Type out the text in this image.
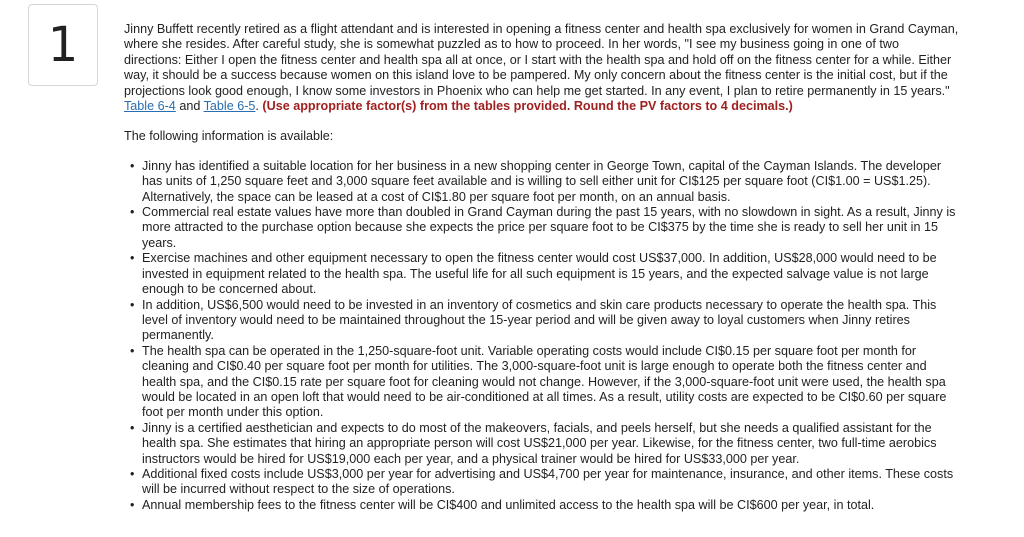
1	Jinny Buffett recently retired as a flight attendant and is interested in opening a fitness center and health spa exclusively for women in Grand Cayman, where she resides. After careful study, she is somewhat puzzled as to how to proceed. In her words, "I see my business going in one of two directions: Either I open the fitness center and health spa all at once, or I start with the health spa and hold off on the fitness center for a while. Either way, it should be a success because women on this island love to be pampered. My only concern about the fitness center is the initial cost, but if the projections look good enough, I know some investors in Phoenix who can help me get started. In any event, I plan to retire permanently in 15 years." Table 6-4 and Table 6-5. (Use appropriate factor(s) from the tables provided. Round the PV factors to 4 decimals.)

The following information is available:

• Jinny has identified a suitable location for her business in a new shopping center in George Town, capital of the Cayman Islands. The developer has units of 1,250 square feet and 3,000 square feet available and is willing to sell either unit for CI$125 per square foot (CI$1.00 = US$1.25). Alternatively, the space can be leased at a cost of CI$1.80 per square foot per month, on an annual basis.
• Commercial real estate values have more than doubled in Grand Cayman during the past 15 years, with no slowdown in sight. As a result, Jinny is more attracted to the purchase option because she expects the price per square foot to be CI$375 by the time she is ready to sell her unit in 15 years.
• Exercise machines and other equipment necessary to open the fitness center would cost US$37,000. In addition, US$28,000 would need to be invested in equipment related to the health spa. The useful life for all such equipment is 15 years, and the expected salvage value is not large enough to be concerned about.
• In addition, US$6,500 would need to be invested in an inventory of cosmetics and skin care products necessary to operate the health spa. This level of inventory would need to be maintained throughout the 15-year period and will be given away to loyal customers when Jinny retires permanently.
• The health spa can be operated in the 1,250-square-foot unit. Variable operating costs would include CI$0.15 per square foot per month for cleaning and CI$0.40 per square foot per month for utilities. The 3,000-square-foot unit is large enough to operate both the fitness center and health spa, and the CI$0.15 rate per square foot for cleaning would not change. However, if the 3,000-square-foot unit were used, the health spa would be located in an open loft that would need to be air-conditioned at all times. As a result, utility costs are expected to be CI$0.60 per square foot per month under this option.
• Jinny is a certified aesthetician and expects to do most of the makeovers, facials, and peels herself, but she needs a qualified assistant for the health spa. She estimates that hiring an appropriate person will cost US$21,000 per year. Likewise, for the fitness center, two full-time aerobics instructors would be hired for US$19,000 each per year, and a physical trainer would be hired for US$33,000 per year.
• Additional fixed costs include US$3,000 per year for advertising and US$4,700 per year for maintenance, insurance, and other items. These costs will be incurred without respect to the size of operations.
• Annual membership fees to the fitness center will be CI$400 and unlimited access to the health spa will be CI$600 per year, in total.
